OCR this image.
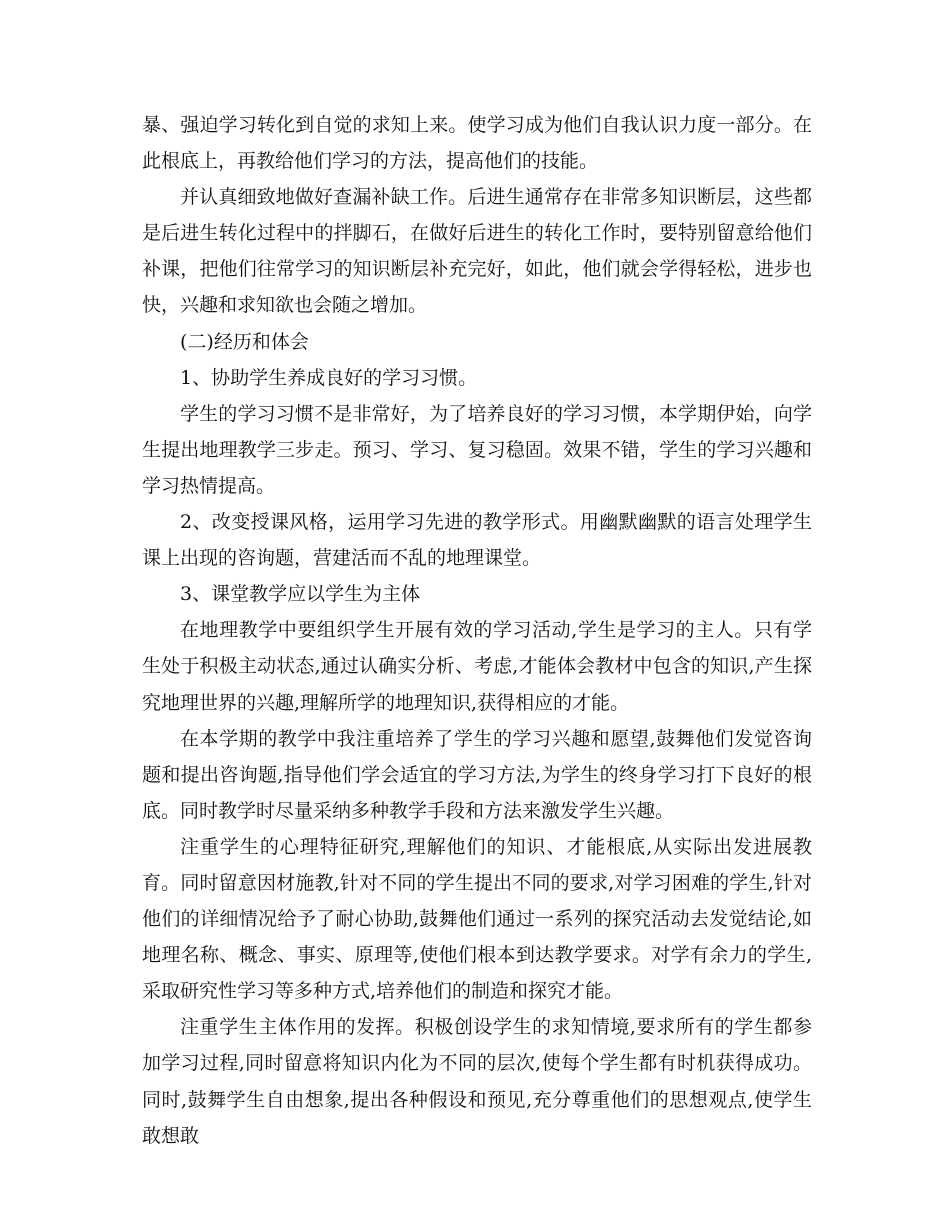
暴、强迫学习转化到自觉的求知上来。使学习成为他们自我认识力度一部分。在此根底上，再教给他们学习的方法，提高他们的技能。

并认真细致地做好查漏补缺工作。后进生通常存在非常多知识断层，这些都是后进生转化过程中的拌脚石，在做好后进生的转化工作时，要特别留意给他们补课，把他们往常学习的知识断层补充完好，如此，他们就会学得轻松，进步也快，兴趣和求知欲也会随之增加。

(二)经历和体会

1、协助学生养成良好的学习习惯。

学生的学习习惯不是非常好，为了培养良好的学习习惯，本学期伊始，向学生提出地理教学三步走。预习、学习、复习稳固。效果不错，学生的学习兴趣和学习热情提高。

2、改变授课风格，运用学习先进的教学形式。用幽默幽默的语言处理学生课上出现的咨询题，营建活而不乱的地理课堂。

3、课堂教学应以学生为主体

在地理教学中要组织学生开展有效的学习活动,学生是学习的主人。只有学生处于积极主动状态,通过认确实分析、考虑,才能体会教材中包含的知识,产生探究地理世界的兴趣,理解所学的地理知识,获得相应的才能。

在本学期的教学中我注重培养了学生的学习兴趣和愿望,鼓舞他们发觉咨询题和提出咨询题,指导他们学会适宜的学习方法,为学生的终身学习打下良好的根底。同时教学时尽量采纳多种教学手段和方法来激发学生兴趣。

注重学生的心理特征研究,理解他们的知识、才能根底,从实际出发进展教育。同时留意因材施教,针对不同的学生提出不同的要求,对学习困难的学生,针对他们的详细情况给予了耐心协助,鼓舞他们通过一系列的探究活动去发觉结论,如地理名称、概念、事实、原理等,使他们根本到达教学要求。对学有余力的学生,采取研究性学习等多种方式,培养他们的制造和探究才能。

注重学生主体作用的发挥。积极创设学生的求知情境,要求所有的学生都参加学习过程,同时留意将知识内化为不同的层次,使每个学生都有时机获得成功。同时,鼓舞学生自由想象,提出各种假设和预见,充分尊重他们的思想观点,使学生敢想敢
